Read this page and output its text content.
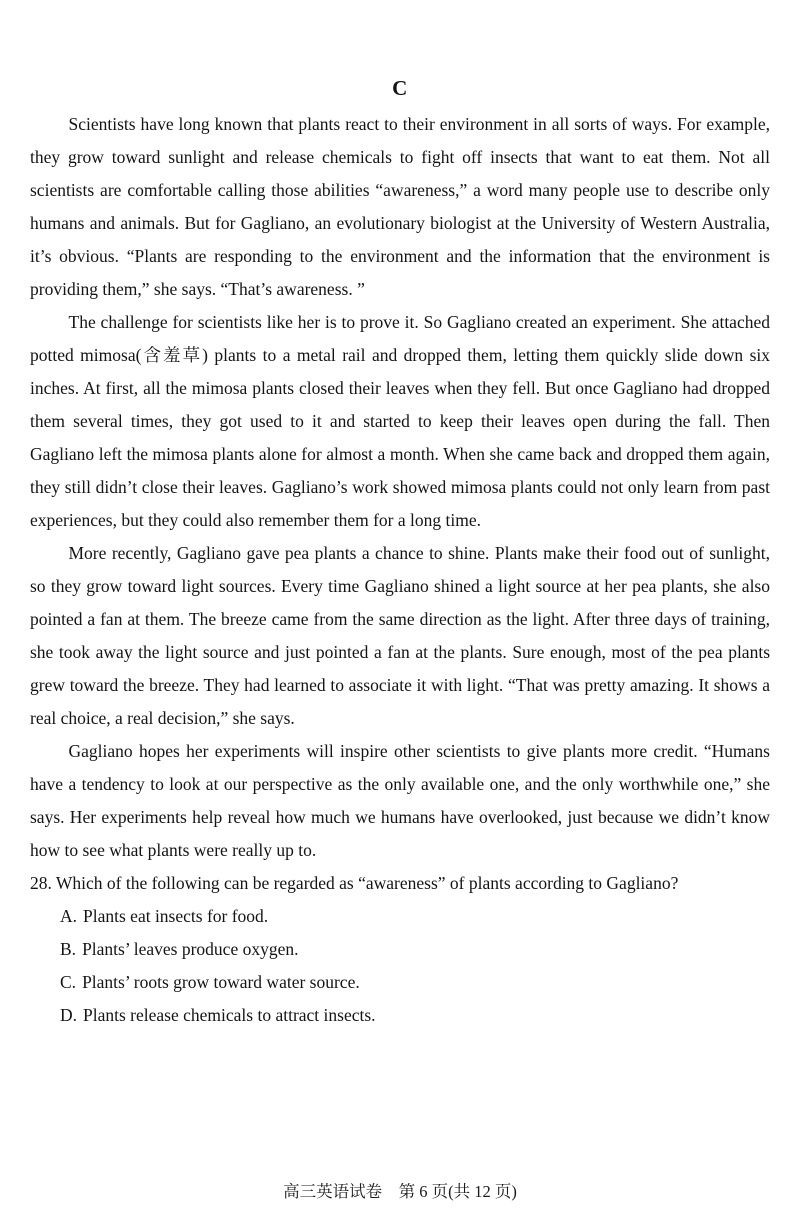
C

Scientists have long known that plants react to their environment in all sorts of ways. For example, they grow toward sunlight and release chemicals to fight off insects that want to eat them. Not all scientists are comfortable calling those abilities “awareness,” a word many people use to describe only humans and animals. But for Gagliano, an evolutionary biologist at the University of Western Australia, it’s obvious. “Plants are responding to the environment and the information that the environment is providing them,” she says. “That’s awareness. ”

The challenge for scientists like her is to prove it. So Gagliano created an experiment. She attached potted mimosa(含羞草) plants to a metal rail and dropped them, letting them quickly slide down six inches. At first, all the mimosa plants closed their leaves when they fell. But once Gagliano had dropped them several times, they got used to it and started to keep their leaves open during the fall. Then Gagliano left the mimosa plants alone for almost a month. When she came back and dropped them again, they still didn’t close their leaves. Gagliano’s work showed mimosa plants could not only learn from past experiences, but they could also remember them for a long time.

More recently, Gagliano gave pea plants a chance to shine. Plants make their food out of sunlight, so they grow toward light sources. Every time Gagliano shined a light source at her pea plants, she also pointed a fan at them. The breeze came from the same direction as the light. After three days of training, she took away the light source and just pointed a fan at the plants. Sure enough, most of the pea plants grew toward the breeze. They had learned to associate it with light. “That was pretty amazing. It shows a real choice, a real decision,” she says.

Gagliano hopes her experiments will inspire other scientists to give plants more credit. “Humans have a tendency to look at our perspective as the only available one, and the only worthwhile one,” she says. Her experiments help reveal how much we humans have overlooked, just because we didn’t know how to see what plants were really up to.

28. Which of the following can be regarded as “awareness” of plants according to Gagliano?
A. Plants eat insects for food.
B. Plants’ leaves produce oxygen.
C. Plants’ roots grow toward water source.
D. Plants release chemicals to attract insects.
高三英语试卷　第 6 页(共 12 页)
